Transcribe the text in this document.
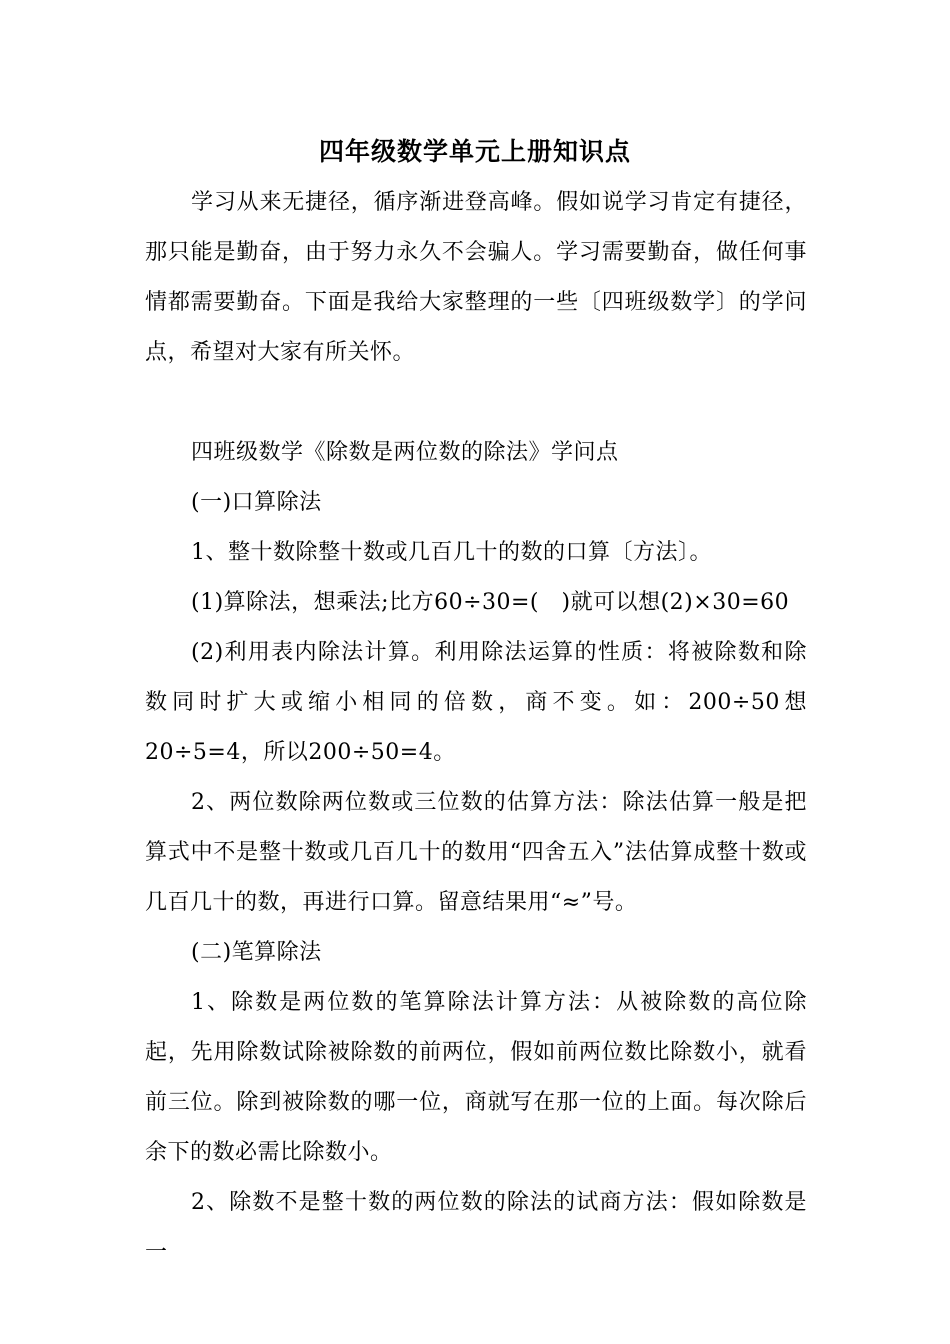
四年级数学单元上册知识点

学习从来无捷径，循序渐进登高峰。假如说学习肯定有捷径，那只能是勤奋，由于努力永久不会骗人。学习需要勤奋，做任何事情都需要勤奋。下面是我给大家整理的一些〔四班级数学〕的学问点，希望对大家有所关怀。

四班级数学《除数是两位数的除法》学问点

(一)口算除法

1、整十数除整十数或几百几十的数的口算〔方法〕。

(1)算除法，想乘法;比方60÷30=(　)就可以想(2)×30=60

(2)利用表内除法计算。利用除法运算的性质：将被除数和除数同时扩大或缩小相同的倍数，商不变。如：200÷50想20÷5=4，所以200÷50=4。

2、两位数除两位数或三位数的估算方法：除法估算一般是把算式中不是整十数或几百几十的数用“四舍五入”法估算成整十数或几百几十的数，再进行口算。留意结果用“≈”号。

(二)笔算除法

1、除数是两位数的笔算除法计算方法：从被除数的高位除起，先用除数试除被除数的前两位，假如前两位数比除数小，就看前三位。除到被除数的哪一位，商就写在那一位的上面。每次除后余下的数必需比除数小。

2、除数不是整十数的两位数的除法的试商方法：假如除数是一
